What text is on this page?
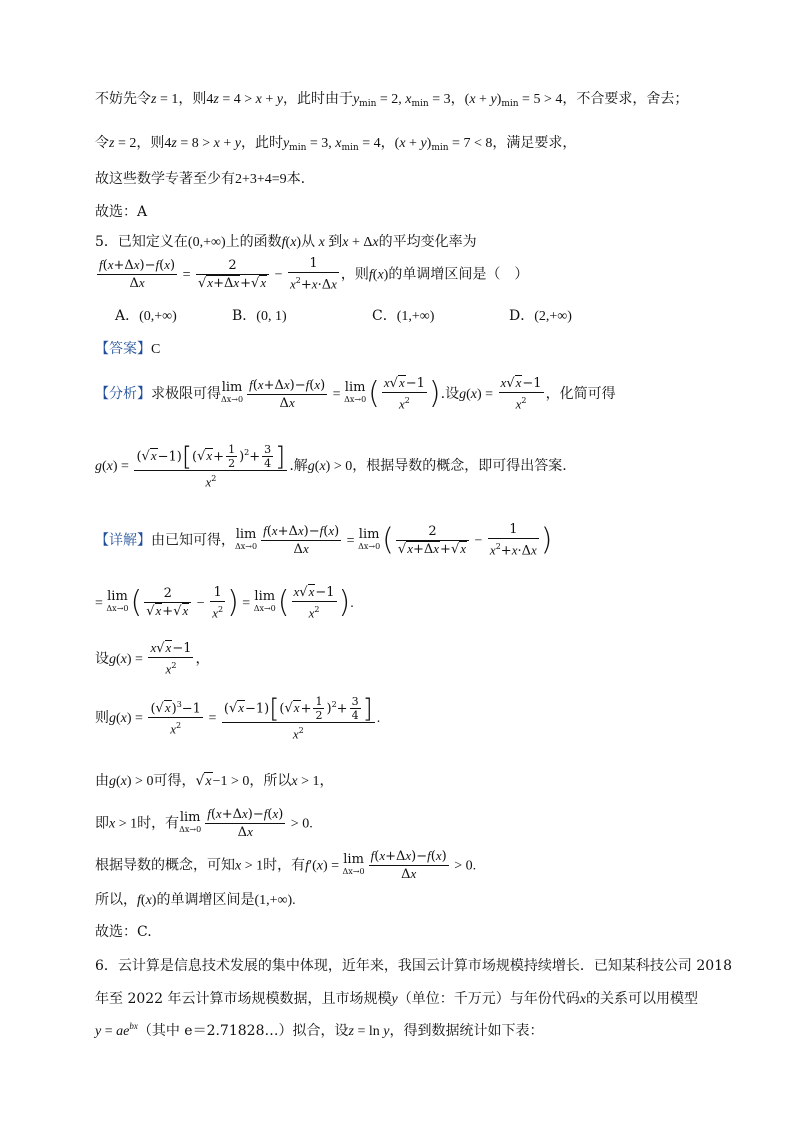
不妨先令z = 1，则4z = 4 > x + y，此时由于$y_{min} = 2$, $x_{min} = 3$，$(x + y)_{min} = 5 > 4$，不合要求，舍去；
令z = 2，则4z = 8 > x + y，此时$y_{min} = 3$, $x_{min} = 4$，$(x + y)_{min} = 7 < 8$，满足要求，
故这些数学专著至少有2+3+4=9本.
故选：A
5．已知定义在(0,+∞)上的函数f(x)从 x 到x + Δx的平均变化率为
$\frac{f(x+\Delta x)-f(x)}{\Delta x} = \frac{2}{√x+\Delta x+√x} - \frac{1}{x^2+x\cdot\Delta x}$ ，则f(x)的单调增区间是（　）
A．(0,+∞)	B．(0, 1)	C．(1,+∞)	D．(2,+∞)
【答案】C
【分析】求极限可得 lim
$\Delta x\to 0 \frac{f(x+\Delta x)-f(x)}{\Delta x} = \lim$
Δx→0 ( $\frac{x√x-1}{x^2}$ ).设$g(x) = \frac{x√x-1}{x^2}$ ，化简可得
$g(x) = \frac{(√x-1)[(√x+ \frac{1}{2} )^2+ \frac{3}{4} ]}{x^2}$ .解g(x) > 0，根据导数的概念，即可得出答案.
【详解】由已知可得， lim
$\Delta x\to 0 \frac{f(x+\Delta x)-f(x)}{\Delta x} = \lim$
Δx→0 ( $\frac{2}{√x+\Delta x+√x} - \frac{1}{x^2+x\cdot\Delta x}$ )
= lim
Δx→0 ( $\frac{2}{√x+√x} - \frac{1}{x^2}$ ) = lim
Δx→0 ( $\frac{x√x-1}{x^2}$ ).
设$g(x) = \frac{x√x-1}{x^2}$ ，
则$g(x) = \frac{(√x)^3-1}{x^2} = \frac{(√x-1)[(√x+ \frac{1}{2} )^2+ \frac{3}{4} ]}{x^2}$ .
由g(x) > 0可得，√x−1 > 0，所以x > 1，
即x > 1时，有 lim
$\Delta x\to 0 \frac{f(x+\Delta x)-f(x)}{\Delta x} > 0$.
根据导数的概念，可知x > 1时，有f′(x) = lim
$\Delta x\to 0 \frac{f(x+\Delta x)-f(x)}{\Delta x} > 0$.
所以，f(x)的单调增区间是(1,+∞).
故选：C.
6．云计算是信息技术发展的集中体现，近年来，我国云计算市场规模持续增长．已知某科技公司 2018
年至 2022 年云计算市场规模数据，且市场规模y（单位：千万元）与年份代码x的关系可以用模型
$y = ae^{bx}$（其中 e＝2.71828…）拟合，设z = ln y，得到数据统计如下表：
